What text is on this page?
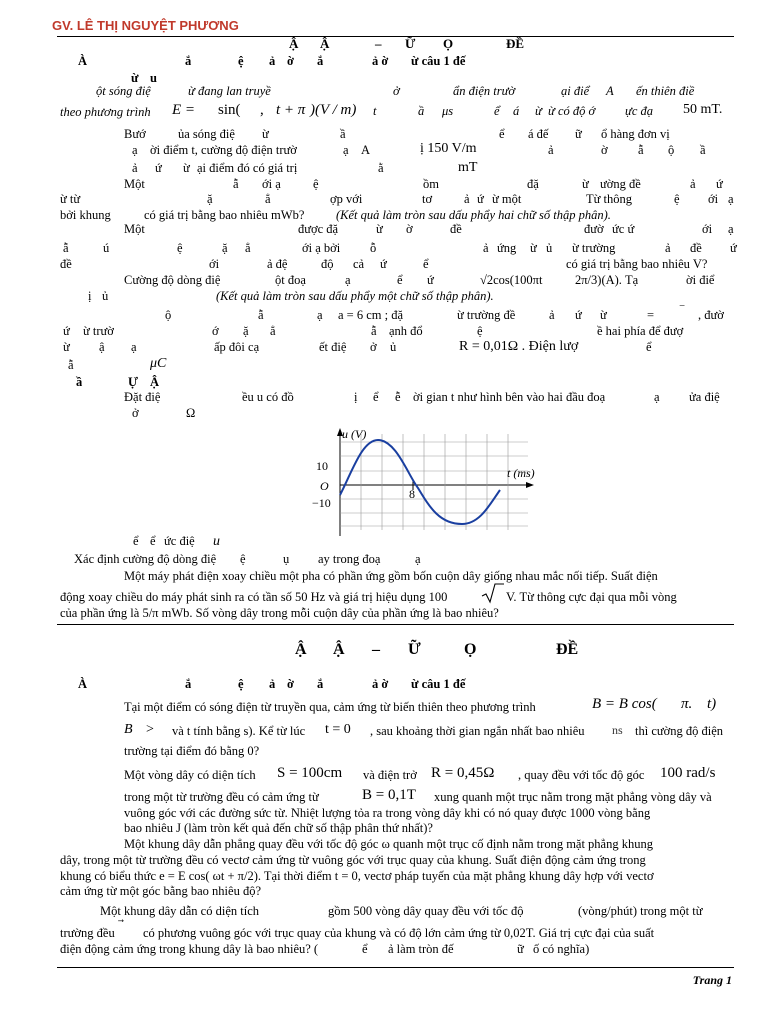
GV. LÊ THỊ NGUYỆT PHƯƠNG
Ậ Ậ	– Ữ Ọ	ĐỀ
À	ắ	ệ ả ờ ắ	ả ờ ừ câu 1 đế
ừ u
ột sóng điệ	ừ đang lan truyề	ở	ẩn điện trườ	ại điể A ến thiên điề
theo phương trình E = sin( , t + π )(V / m) t	ầ μs	ể á ừ ừ có độ ớ ực đạ 50 mT.
Bướ	ủa sóng điệ ừ	ầ	ể á đế ữ ổ hàng đơn vị
ạ ời điểm t, cường độ điện trườ	ạ A	ị 150 V/m	ả	ờ ẫ ộ ầ
ả ứ ừ ại điểm đó có giá trị	ằ	mT
Một	ẫ ới ạ	ệ	ồm	đặ	ừ ường đề	ả ứ
ừ từ	ặ	ẳ	ợp với	tơ	ả ứ ừ một	Từ thông	ệ ới ạ
bởi khung	có giá trị bằng bao nhiêu mWb?	(Kết quả làm tròn sau dấu phẩy hai chữ số thập phân).
Một	được đặ	ừ ờ	đề	đườ ức ứ	ới ạ
ẫ	ú	ệ	ặ ẳ	ới ạ bởi ỗ	ả ứng ừ ủ ừ trường	ả đề ứ
đề	ới	ả đệ	độ cả ứ	ể	có giá trị bằng bao nhiêu V?
Cường độ dòng điệ	ột đoạ	ạ	ể ứ	√2cos(100πt	2π/3)(A). Tạ	ời điể
ị ủ	(Kết quả làm tròn sau dấu phẩy một chữ số thập phân).
ộ	ẫ	ạ a = 6 cm ; đặ	ừ trường đề	ả ứ ừ	= ‾ , đườ
ứ ừ trườ	ớ ặ ẳ	ẫ ạnh đổ	ệ	ề hai phía để đượ
ừ ậ ạ	ấp đôi cạ	ết điệ ở ủ	R = 0,01Ω . Điện lượ	ể
ẫ	μC
ầ	Ự Ậ
Đặt điệ	ều u có đồ	ị ể ễ ời gian t như hình bên vào hai đầu đoạ	ạ ửa điệ
ở	Ω
u (V)
t (ms)
O
10
−10
8
ể ể ức điệ u
Xác định cường độ dòng điệ ệ	ụ ay trong đoạ	ạ
Một máy phát điện xoay chiều một pha có phần ứng gồm bốn cuộn dây giống nhau mắc nối tiếp. Suất điện
động xoay chiều do máy phát sinh ra có tần số 50 Hz và giá trị hiệu dụng 100	V. Từ thông cực đại qua mỗi vòng
của phần ứng là 5/π mWb. Số vòng dây trong mỗi cuộn dây của phần ứng là bao nhiêu?
Ậ Ậ – Ữ	Ọ	ĐỀ
À	ắ	ệ ả ờ ắ	ả ờ ừ câu 1 đế
Tại một điểm có sóng điện từ truyền qua, cảm ứng từ biến thiên theo phương trình	B = B cos( π. t)
B > và t tính bằng s). Kể từ lúc t = 0 , sau khoảng thời gian ngắn nhất bao nhiêu ns thì cường độ điện
trường tại điểm đó bằng 0?
Một vòng dây có diện tích S = 100cm và điện trở R = 0,45Ω , quay đều với tốc độ góc 100 rad/s
trong một từ trường đều có cảm ứng từ	B = 0,1T xung quanh một trục nằm trong mặt phẳng vòng dây và
vuông góc với các đường sức từ. Nhiệt lượng tỏa ra trong vòng dây khi có nó quay được 1000 vòng bằng
bao nhiêu J (làm tròn kết quả đến chữ số thập phân thứ nhất)?
Một khung dây dẫn phẳng quay đều với tốc độ góc ω quanh một trục cố định nằm trong mặt phẳng khung
dây, trong một từ trường đều có vectơ cảm ứng từ vuông góc với trục quay của khung. Suất điện động cảm ứng trong
khung có biểu thức e = E cos( ωt + π/2). Tại thời điểm t = 0, vectơ pháp tuyến của mặt phẳng khung dây hợp với vectơ
cảm ứng từ một góc bằng bao nhiêu độ?
Một khung dây dẫn có diện tích	gồm 500 vòng dây quay đều với tốc độ	(vòng/phút) trong một từ
trường đều có phương vuông góc với trục quay của khung và có độ lớn cảm ứng từ 0,02T. Giá trị cực đại của suất
điện động cảm ứng trong khung dây là bao nhiêu? (	ể ả làm tròn đế	ữ ố có nghĩa)
Trang 1
